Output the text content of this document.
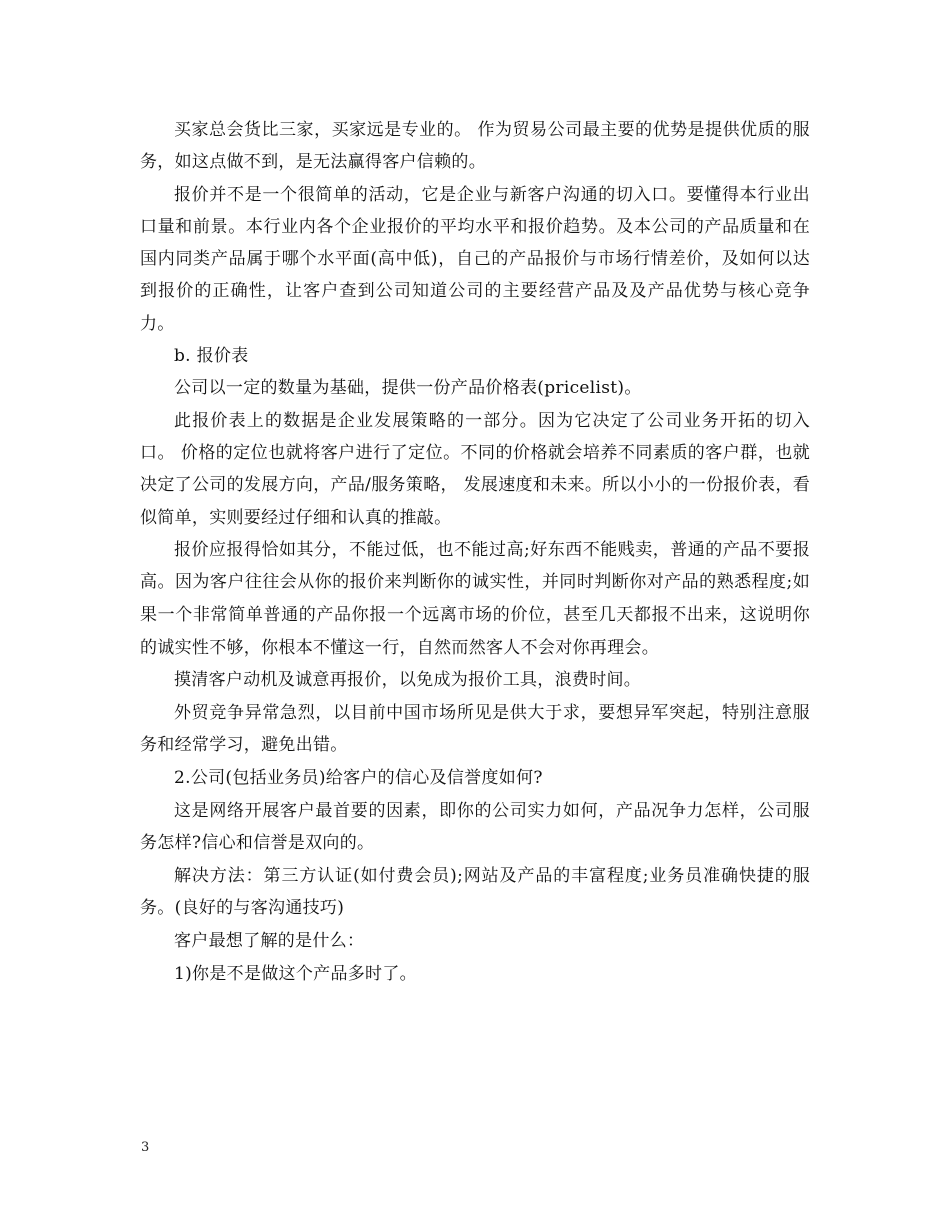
买家总会货比三家，买家远是专业的。 作为贸易公司最主要的优势是提供优质的服务，如这点做不到，是无法赢得客户信赖的。

报价并不是一个很简单的活动，它是企业与新客户沟通的切入口。要懂得本行业出口量和前景。本行业内各个企业报价的平均水平和报价趋势。及本公司的产品质量和在国内同类产品属于哪个水平面(高中低)，自己的产品报价与市场行情差价，及如何以达到报价的正确性，让客户查到公司知道公司的主要经营产品及及产品优势与核心竞争力。

b. 报价表

公司以一定的数量为基础，提供一份产品价格表(pricelist)。

此报价表上的数据是企业发展策略的一部分。因为它决定了公司业务开拓的切入口。 价格的定位也就将客户进行了定位。不同的价格就会培养不同素质的客户群，也就决定了公司的发展方向，产品/服务策略， 发展速度和未来。所以小小的一份报价表，看似简单，实则要经过仔细和认真的推敲。

报价应报得恰如其分，不能过低，也不能过高;好东西不能贱卖，普通的产品不要报高。因为客户往往会从你的报价来判断你的诚实性，并同时判断你对产品的熟悉程度;如果一个非常简单普通的产品你报一个远离市场的价位，甚至几天都报不出来，这说明你的诚实性不够，你根本不懂这一行，自然而然客人不会对你再理会。

摸清客户动机及诚意再报价，以免成为报价工具，浪费时间。

外贸竞争异常急烈，以目前中国市场所见是供大于求，要想异军突起，特别注意服务和经常学习，避免出错。

2.公司(包括业务员)给客户的信心及信誉度如何?

这是网络开展客户最首要的因素，即你的公司实力如何，产品况争力怎样，公司服务怎样?信心和信誉是双向的。

解决方法：第三方认证(如付费会员);网站及产品的丰富程度;业务员准确快捷的服务。(良好的与客沟通技巧)

客户最想了解的是什么：

1)你是不是做这个产品多时了。

3
